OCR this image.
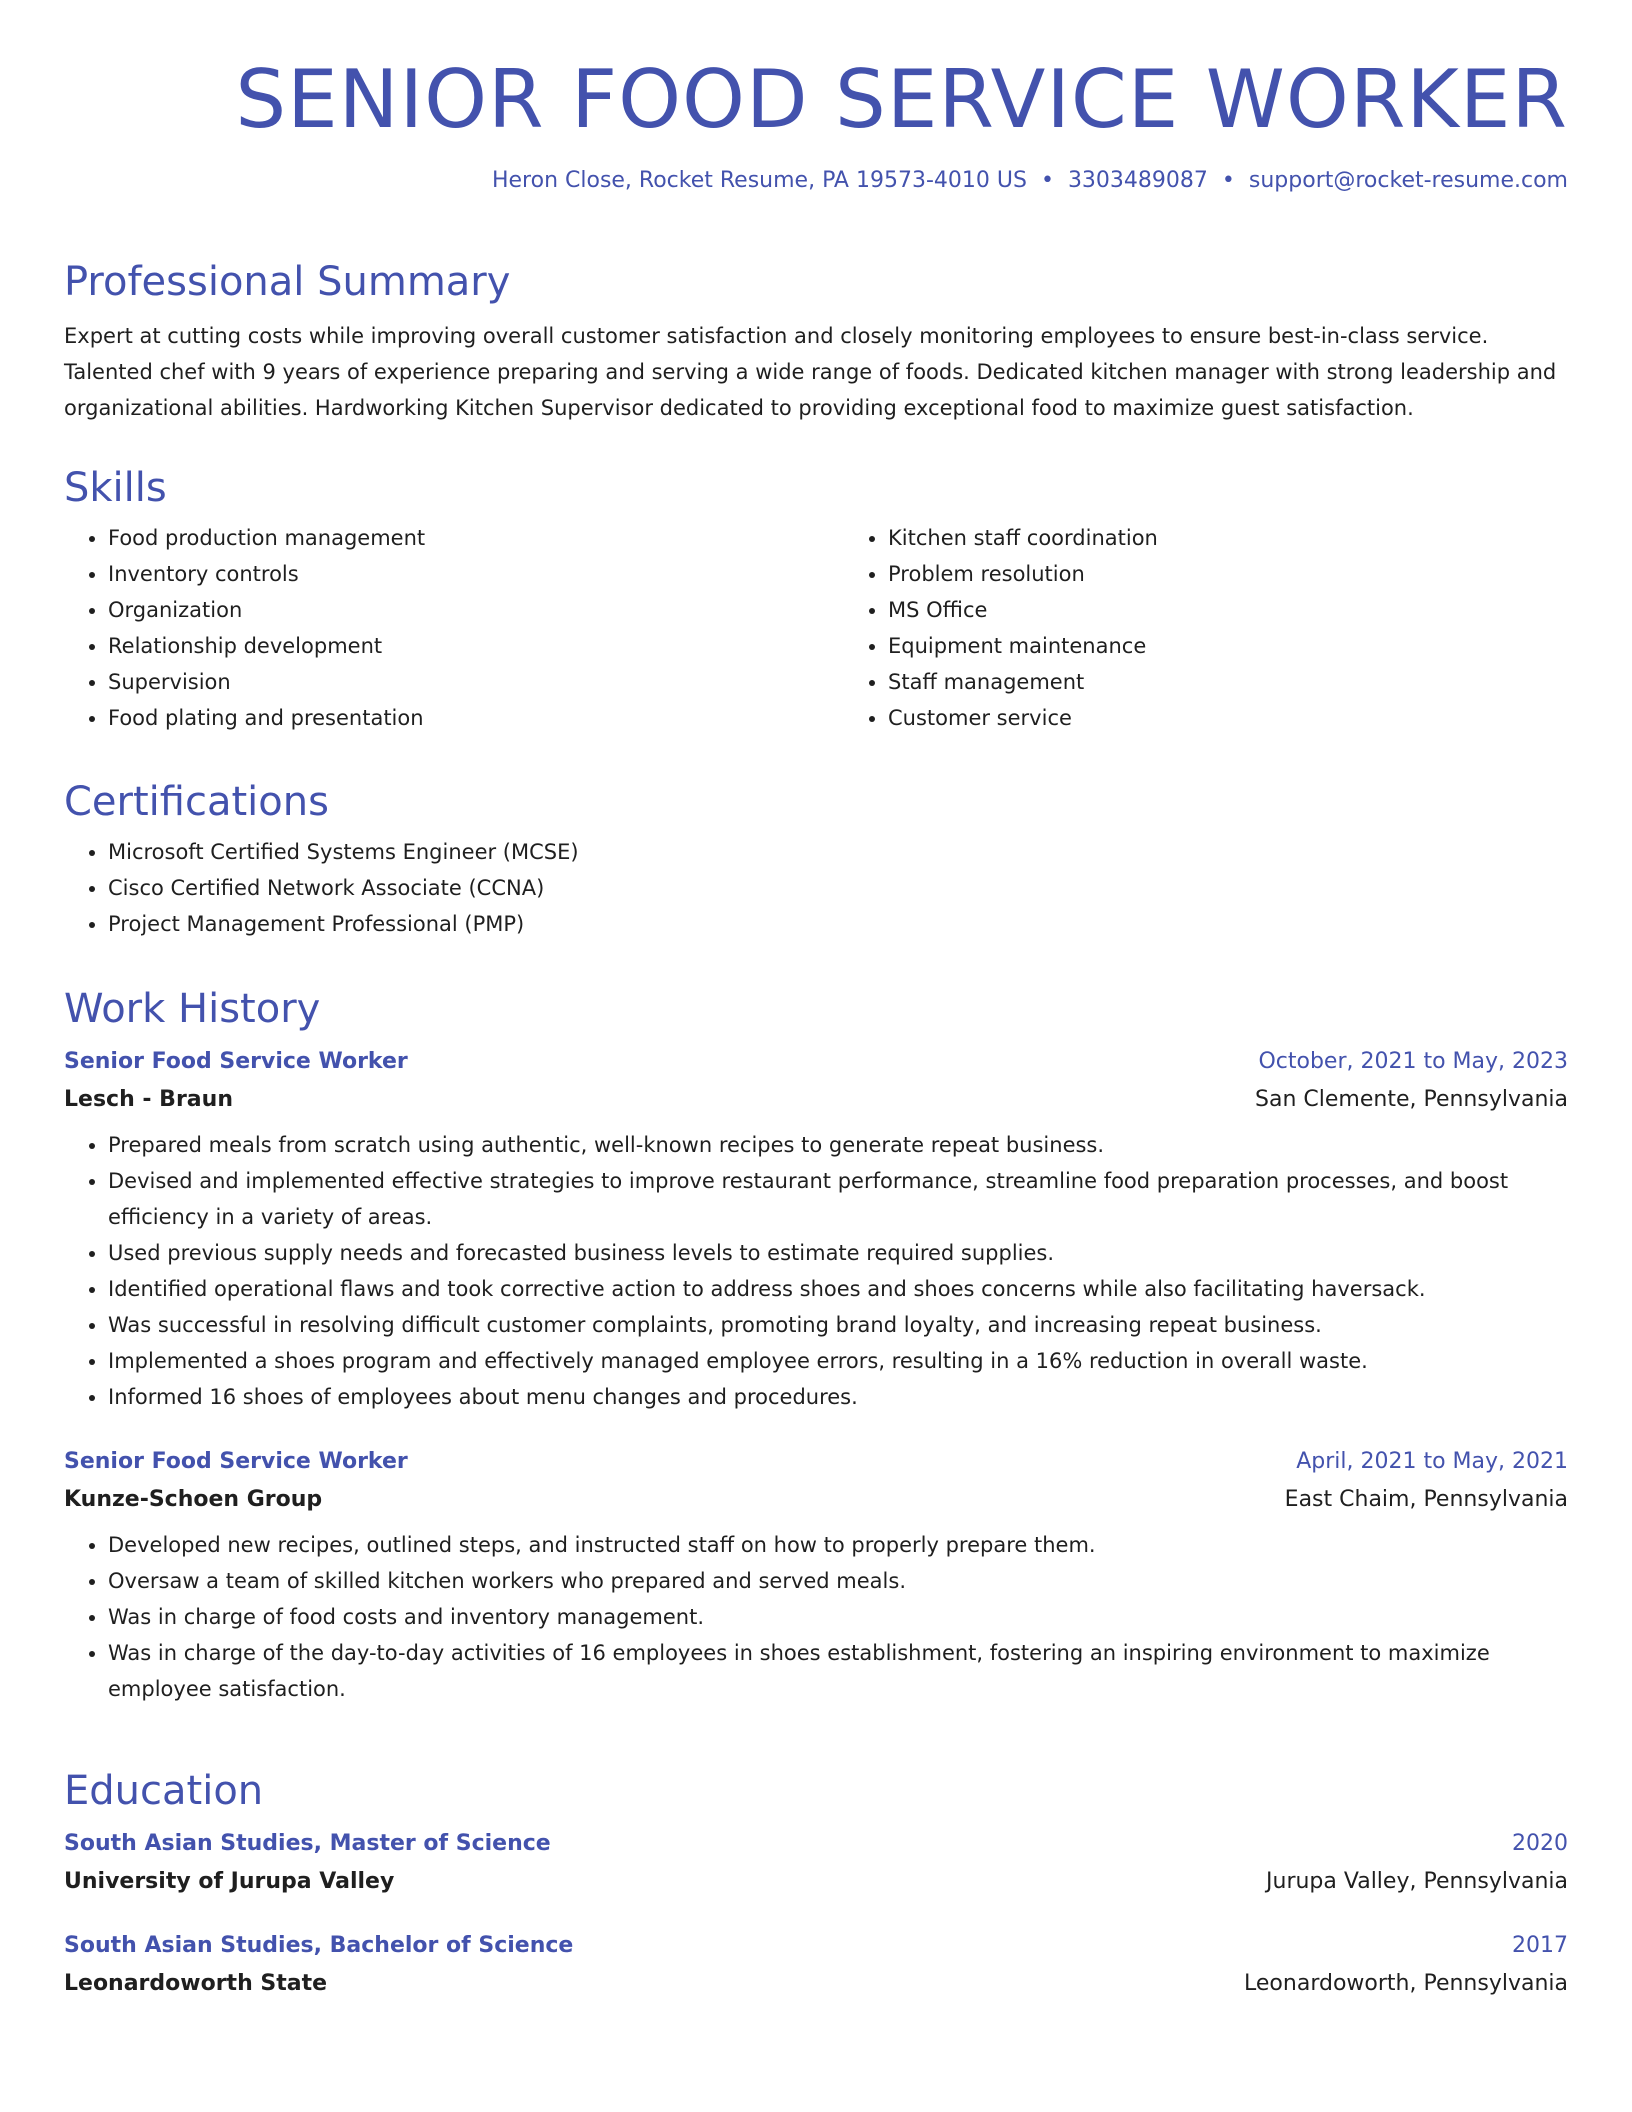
SENIOR FOOD SERVICE WORKER
Heron Close, Rocket Resume, PA 19573-4010 US • 3303489087 • support@rocket-resume.com
Professional Summary

Expert at cutting costs while improving overall customer satisfaction and closely monitoring employees to ensure best-in-class service. Talented chef with 9 years of experience preparing and serving a wide range of foods. Dedicated kitchen manager with strong leadership and organizational abilities. Hardworking Kitchen Supervisor dedicated to providing exceptional food to maximize guest satisfaction.

Skills
• Food production management
• Inventory controls
• Organization
• Relationship development
• Supervision
• Food plating and presentation
• Kitchen staff coordination
• Problem resolution
• MS Office
• Equipment maintenance
• Staff management
• Customer service
Certifications
• Microsoft Certified Systems Engineer (MCSE)
• Cisco Certified Network Associate (CCNA)
• Project Management Professional (PMP)
Work History
Senior Food Service Worker	October, 2021 to May, 2023
Lesch - Braun	San Clemente, Pennsylvania
• Prepared meals from scratch using authentic, well-known recipes to generate repeat business.
• Devised and implemented effective strategies to improve restaurant performance, streamline food preparation processes, and boost efficiency in a variety of areas.
• Used previous supply needs and forecasted business levels to estimate required supplies.
• Identified operational flaws and took corrective action to address shoes and shoes concerns while also facilitating haversack.
• Was successful in resolving difficult customer complaints, promoting brand loyalty, and increasing repeat business.
• Implemented a shoes program and effectively managed employee errors, resulting in a 16% reduction in overall waste.
• Informed 16 shoes of employees about menu changes and procedures.
Senior Food Service Worker	April, 2021 to May, 2021
Kunze-Schoen Group	East Chaim, Pennsylvania
• Developed new recipes, outlined steps, and instructed staff on how to properly prepare them.
• Oversaw a team of skilled kitchen workers who prepared and served meals.
• Was in charge of food costs and inventory management.
• Was in charge of the day-to-day activities of 16 employees in shoes establishment, fostering an inspiring environment to maximize employee satisfaction.
Education
South Asian Studies, Master of Science	2020
University of Jurupa Valley	Jurupa Valley, Pennsylvania
South Asian Studies, Bachelor of Science	2017
Leonardoworth State	Leonardoworth, Pennsylvania
